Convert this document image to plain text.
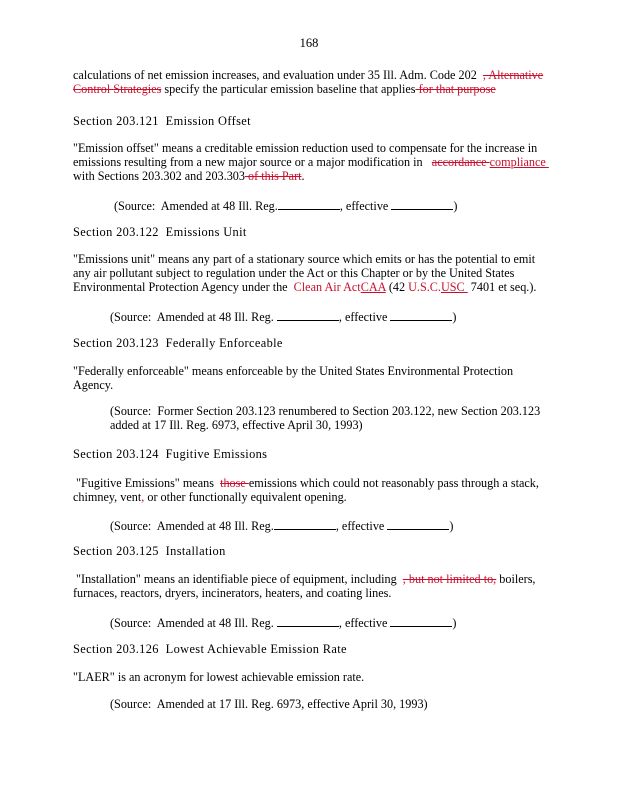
168
calculations of net emission increases, and evaluation under 35 Ill. Adm. Code 202  , Alternative
Control Strategies specify the particular emission baseline that applies for that purpose
Section 203.121  Emission Offset
"Emission offset" means a creditable emission reduction used to compensate for the increase in
emissions resulting from a new major source or a major modification in   accordance compliance
with Sections 203.302 and 203.303 of this Part.
(Source:  Amended at 48 Ill. Reg.	, effective	)
Section 203.122  Emissions Unit
"Emissions unit" means any part of a stationary source which emits or has the potential to emit
any air pollutant subject to regulation under the Act or this Chapter or by the United States
Environmental Protection Agency under the  Clean Air ActCAA (42 U.S.C.USC  7401 et seq.).
(Source:  Amended at 48 Ill. Reg.	, effective	)
Section 203.123  Federally Enforceable
"Federally enforceable" means enforceable by the United States Environmental Protection
Agency.
(Source:  Former Section 203.123 renumbered to Section 203.122, new Section 203.123
added at 17 Ill. Reg. 6973, effective April 30, 1993)
Section 203.124  Fugitive Emissions
"Fugitive Emissions" means  those emissions which could not reasonably pass through a stack,
chimney, vent, or other functionally equivalent opening.
(Source:  Amended at 48 Ill. Reg.	, effective	)
Section 203.125  Installation
"Installation" means an identifiable piece of equipment, including  , but not limited to, boilers,
furnaces, reactors, dryers, incinerators, heaters, and coating lines.
(Source:  Amended at 48 Ill. Reg.	, effective	)
Section 203.126  Lowest Achievable Emission Rate
"LAER" is an acronym for lowest achievable emission rate.
(Source:  Amended at 17 Ill. Reg. 6973, effective April 30, 1993)
